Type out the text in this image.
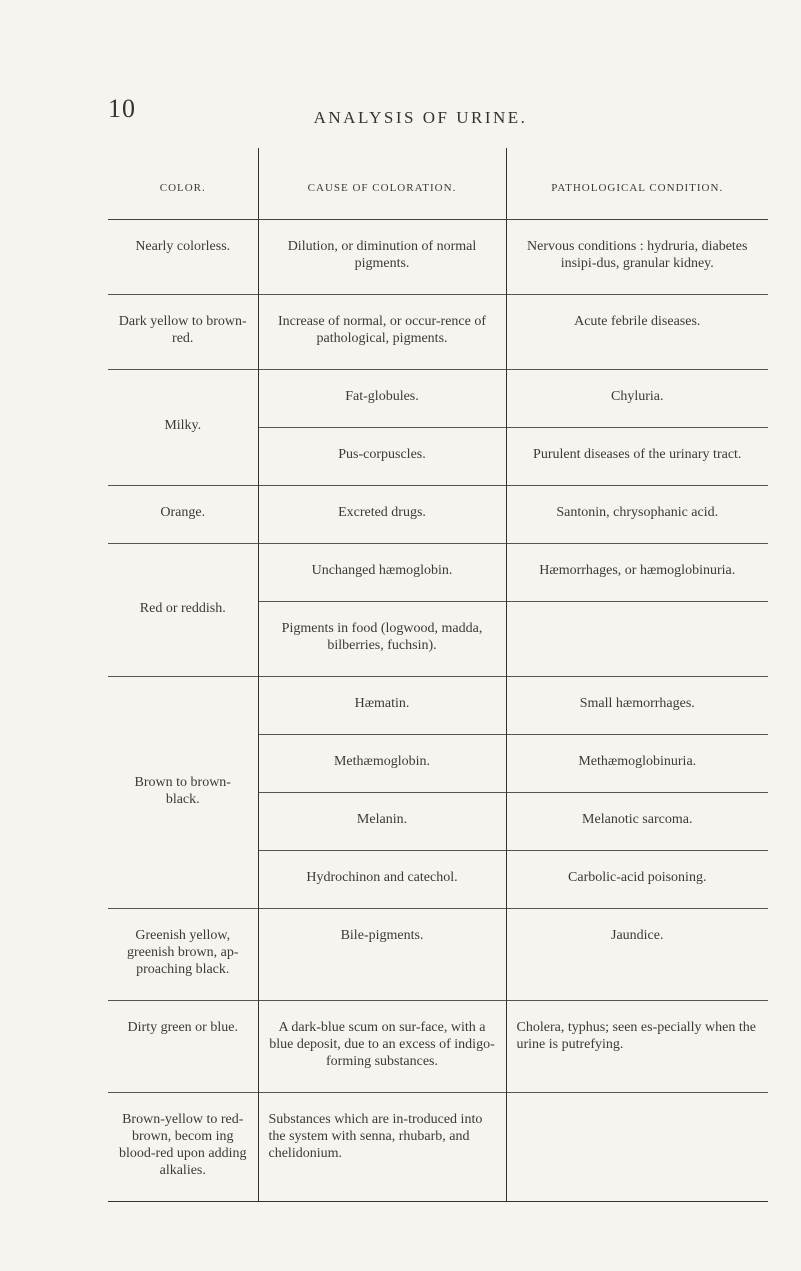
10	ANALYSIS OF URINE.
COLOR.	CAUSE OF COLORATION.	PATHOLOGICAL CONDITION.
Nearly colorless.	Dilution, or diminution of normal pigments.	Nervous conditions : hydruria, diabetes insipi-dus, granular kidney.
Dark yellow to brown-red.	Increase of normal, or occur-rence of pathological, pigments.	Acute febrile diseases.
Milky.	Fat-globules.	Chyluria.
	Pus-corpuscles.	Purulent diseases of the urinary tract.
Orange.	Excreted drugs.	Santonin, chrysophanic acid.
Red or reddish.	Unchanged hæmoglobin.	Hæmorrhages, or hæmoglobinuria.
	Pigments in food (logwood, madda, bilberries, fuchsin).	
Brown to brown-black.	Hæmatin.	Small hæmorrhages.
	Methæmoglobin.	Methæmoglobinuria.
	Melanin.	Melanotic sarcoma.
	Hydrochinon and catechol.	Carbolic-acid poisoning.
Greenish yellow, greenish brown, ap-proaching black.	Bile-pigments.	Jaundice.
Dirty green or blue.	A dark-blue scum on sur-face, with a blue deposit, due to an excess of indigo-forming substances.	Cholera, typhus; seen es-pecially when the urine is putrefying.
Brown-yellow to red-brown, becom ing blood-red upon adding alkalies.	Substances which are in-troduced into the system with senna, rhubarb, and chelidonium.	
